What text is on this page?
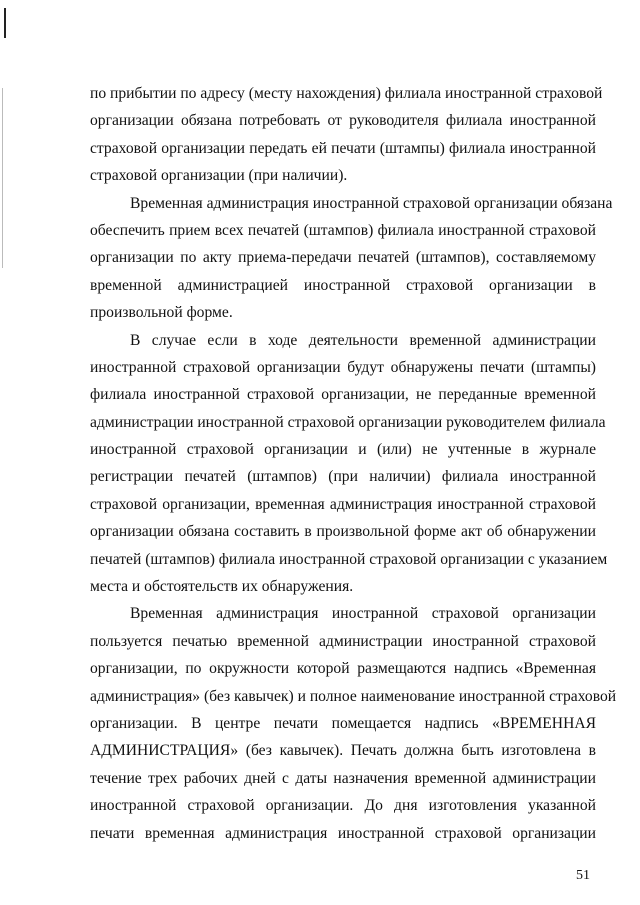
по прибытии по адресу (месту нахождения) филиала иностранной страховой
организации обязана потребовать от руководителя филиала иностранной
страховой организации передать ей печати (штампы) филиала иностранной
страховой организации (при наличии).
Временная администрация иностранной страховой организации обязана
обеспечить прием всех печатей (штампов) филиала иностранной страховой
организации по акту приема-передачи печатей (штампов), составляемому
временной администрацией иностранной страховой организации в
произвольной форме.
В случае если в ходе деятельности временной администрации
иностранной страховой организации будут обнаружены печати (штампы)
филиала иностранной страховой организации, не переданные временной
администрации иностранной страховой организации руководителем филиала
иностранной страховой организации и (или) не учтенные в журнале
регистрации печатей (штампов) (при наличии) филиала иностранной
страховой организации, временная администрация иностранной страховой
организации обязана составить в произвольной форме акт об обнаружении
печатей (штампов) филиала иностранной страховой организации с указанием
места и обстоятельств их обнаружения.
Временная администрация иностранной страховой организации
пользуется печатью временной администрации иностранной страховой
организации, по окружности которой размещаются надпись «Временная
администрация» (без кавычек) и полное наименование иностранной страховой
организации. В центре печати помещается надпись «ВРЕМЕННАЯ
АДМИНИСТРАЦИЯ» (без кавычек). Печать должна быть изготовлена в
течение трех рабочих дней с даты назначения временной администрации
иностранной страховой организации. До дня изготовления указанной
печати временная администрация иностранной страховой организации
51
